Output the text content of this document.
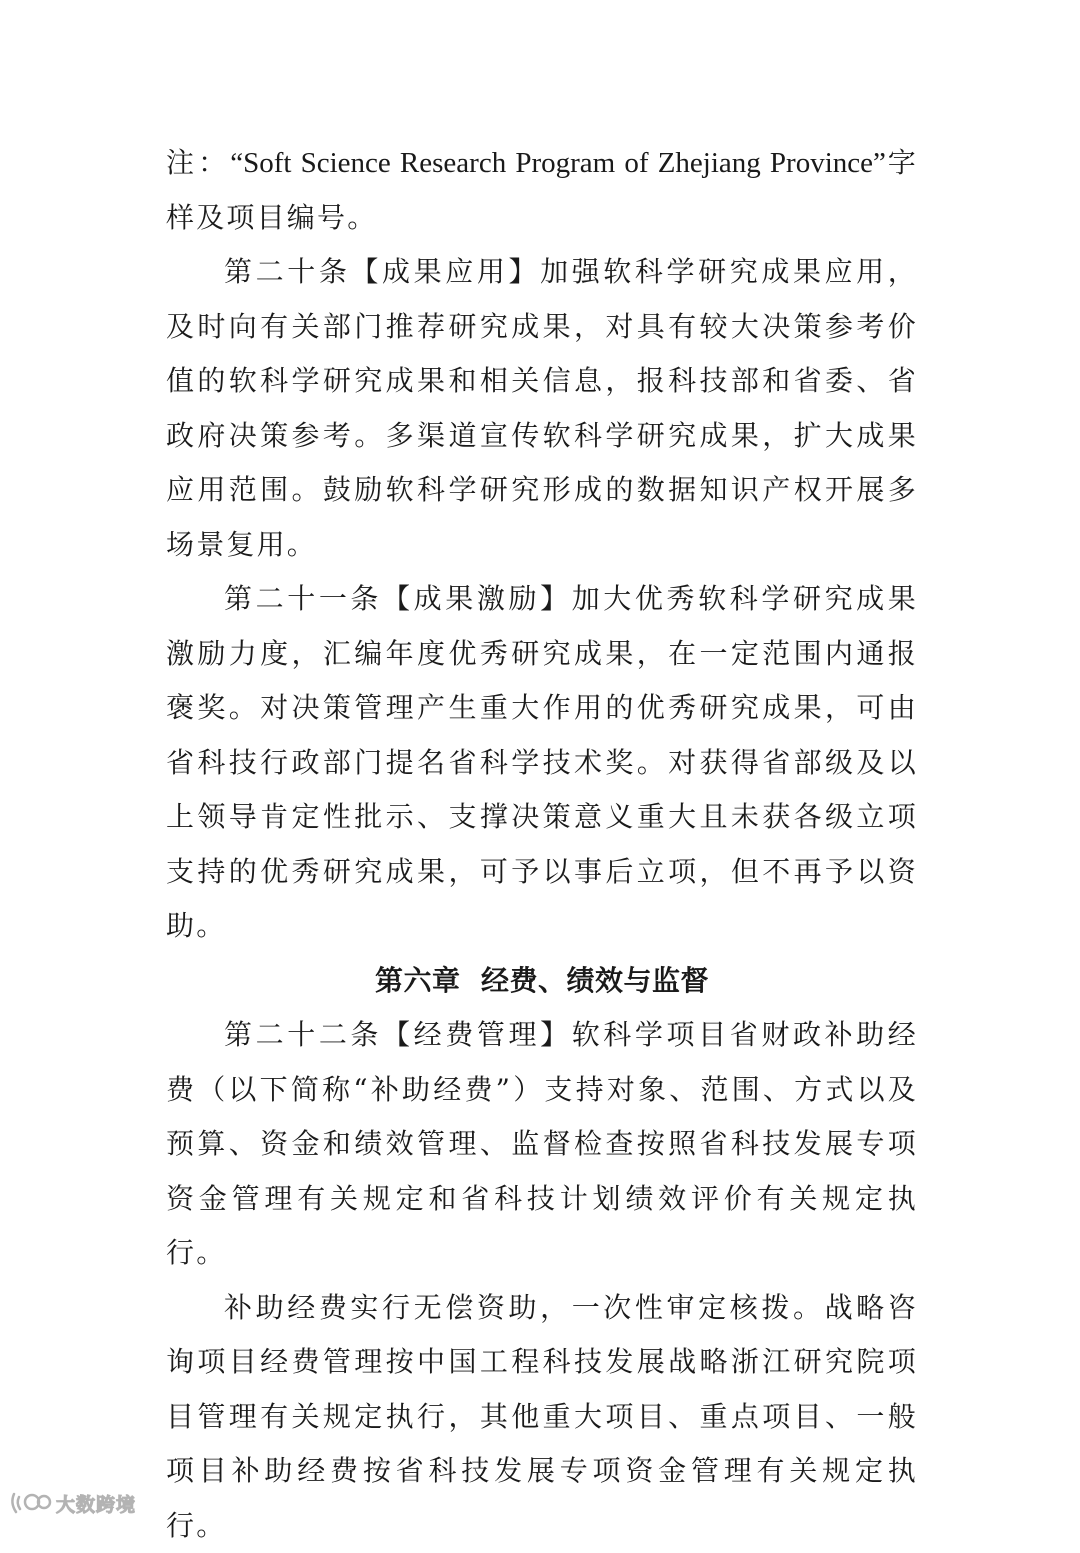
注：“Soft Science Research Program of Zhejiang Province”字样及项目编号。

第二十条【成果应用】加强软科学研究成果应用，及时向有关部门推荐研究成果，对具有较大决策参考价值的软科学研究成果和相关信息，报科技部和省委、省政府决策参考。多渠道宣传软科学研究成果，扩大成果应用范围。鼓励软科学研究形成的数据知识产权开展多场景复用。

第二十一条【成果激励】加大优秀软科学研究成果激励力度，汇编年度优秀研究成果，在一定范围内通报褒奖。对决策管理产生重大作用的优秀研究成果，可由省科技行政部门提名省科学技术奖。对获得省部级及以上领导肯定性批示、支撑决策意义重大且未获各级立项支持的优秀研究成果，可予以事后立项，但不再予以资助。

第六章  经费、绩效与监督

第二十二条【经费管理】软科学项目省财政补助经费（以下简称“补助经费”）支持对象、范围、方式以及预算、资金和绩效管理、监督检查按照省科技发展专项资金管理有关规定和省科技计划绩效评价有关规定执行。

补助经费实行无偿资助，一次性审定核拨。战略咨询项目经费管理按中国工程科技发展战略浙江研究院项目管理有关规定执行，其他重大项目、重点项目、一般项目补助经费按省科技发展专项资金管理有关规定执行。

大数跨境
